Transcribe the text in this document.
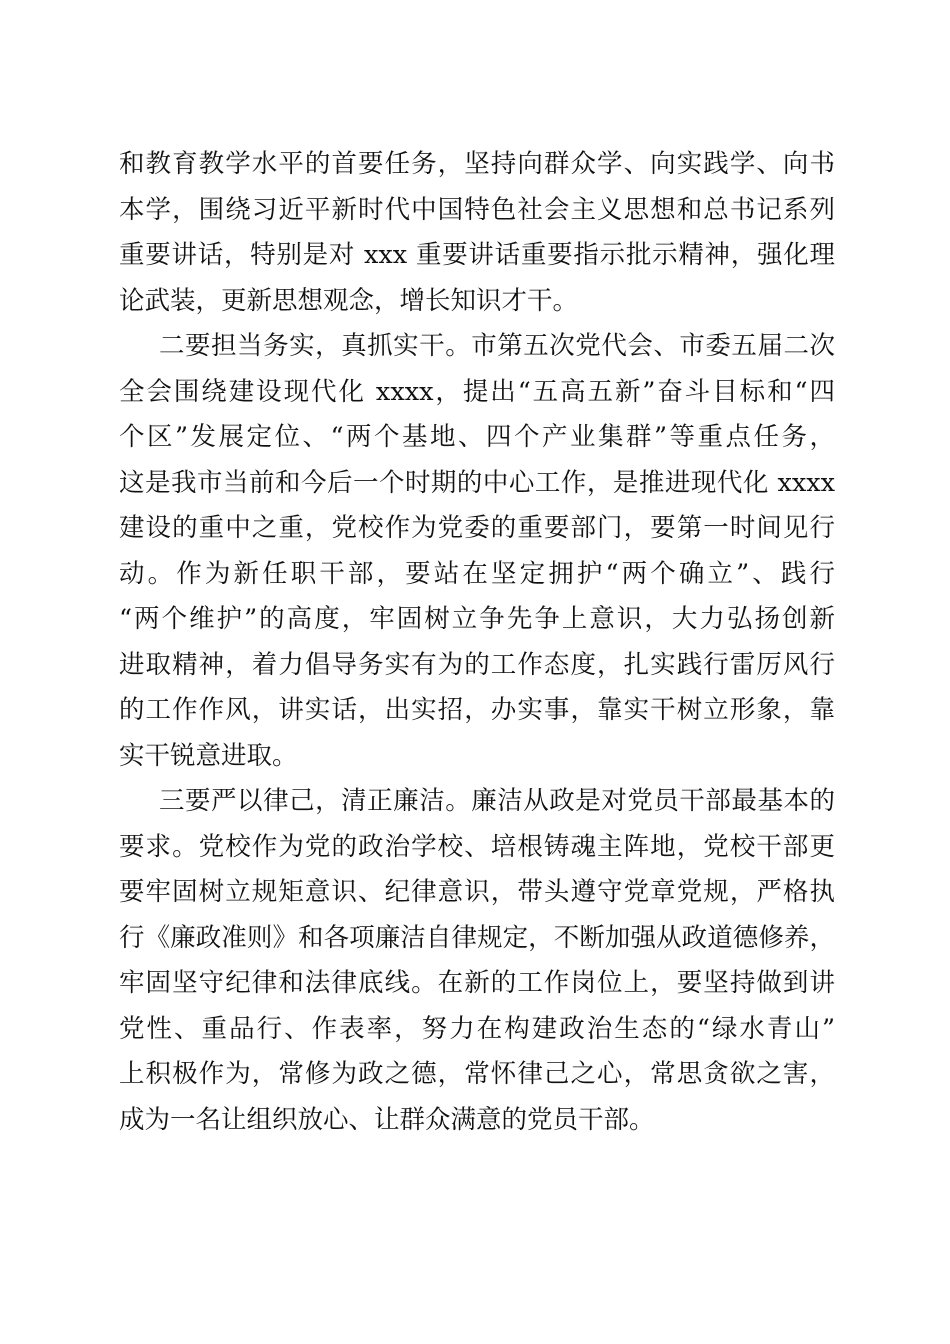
和教育教学水平的首要任务，坚持向群众学、向实践学、向书
本学，围绕习近平新时代中国特色社会主义思想和总书记系列
重要讲话，特别是对 xxx 重要讲话重要指示批示精神，强化理
论武装，更新思想观念，增长知识才干。
二要担当务实，真抓实干。市第五次党代会、市委五届二次
全会围绕建设现代化 xxxx，提出“五高五新”奋斗目标和“四
个区”发展定位、“两个基地、四个产业集群”等重点任务，
这是我市当前和今后一个时期的中心工作，是推进现代化 xxxx
建设的重中之重，党校作为党委的重要部门，要第一时间见行
动。作为新任职干部，要站在坚定拥护“两个确立”、践行
“两个维护”的高度，牢固树立争先争上意识，大力弘扬创新
进取精神，着力倡导务实有为的工作态度，扎实践行雷厉风行
的工作作风，讲实话，出实招，办实事，靠实干树立形象，靠
实干锐意进取。
三要严以律己，清正廉洁。廉洁从政是对党员干部最基本的
要求。党校作为党的政治学校、培根铸魂主阵地，党校干部更
要牢固树立规矩意识、纪律意识，带头遵守党章党规，严格执
行《廉政准则》和各项廉洁自律规定，不断加强从政道德修养，
牢固坚守纪律和法律底线。在新的工作岗位上，要坚持做到讲
党性、重品行、作表率，努力在构建政治生态的“绿水青山”
上积极作为，常修为政之德，常怀律己之心，常思贪欲之害，
成为一名让组织放心、让群众满意的党员干部。
